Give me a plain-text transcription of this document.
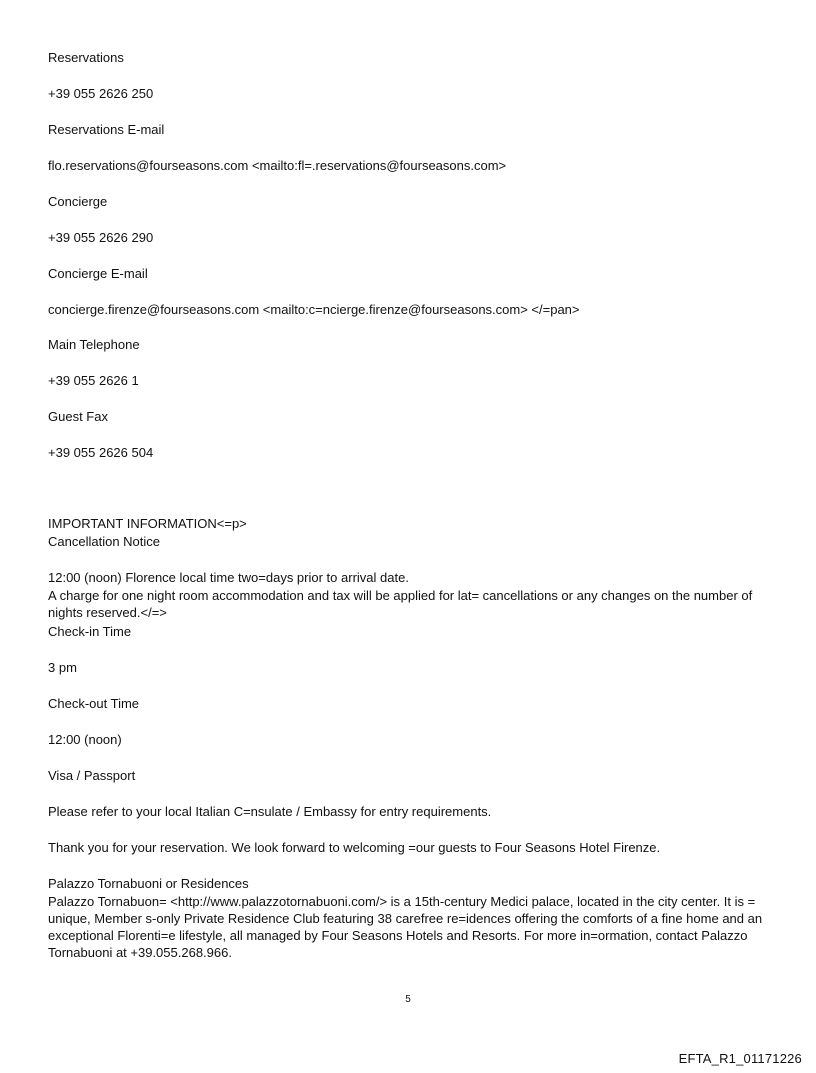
Reservations

+39 055 2626 250

Reservations E-mail

flo.reservations@fourseasons.com <mailto:fl=.reservations@fourseasons.com>

Concierge

+39 055 2626 290

Concierge E-mail

concierge.firenze@fourseasons.com <mailto:c=ncierge.firenze@fourseasons.com> </=pan>

Main Telephone

+39 055 2626 1

Guest Fax

+39 055 2626 504

IMPORTANT INFORMATION<=p>

Cancellation Notice

12:00 (noon) Florence local time two=days prior to arrival date.

A charge for one night room accommodation and tax will be applied for lat= cancellations or any changes on the number of nights reserved.</=>

Check-in Time

3 pm

Check-out Time

12:00 (noon)

Visa / Passport

Please refer to your local Italian C=nsulate / Embassy for entry requirements.

Thank you for your reservation. We look forward to welcoming =our guests to Four Seasons Hotel Firenze.

Palazzo Tornabuoni or Residences

Palazzo Tornabuon= <http://www.palazzotornabuoni.com/> is a 15th-century Medici palace, located in the city center. It is = unique, Member s-only Private Residence Club featuring 38 carefree re=idences offering the comforts of a fine home and an exceptional Florenti=e lifestyle, all managed by Four Seasons Hotels and Resorts. For more in=ormation, contact Palazzo Tornabuoni at +39.055.268.966.

5
EFTA_R1_01171226
